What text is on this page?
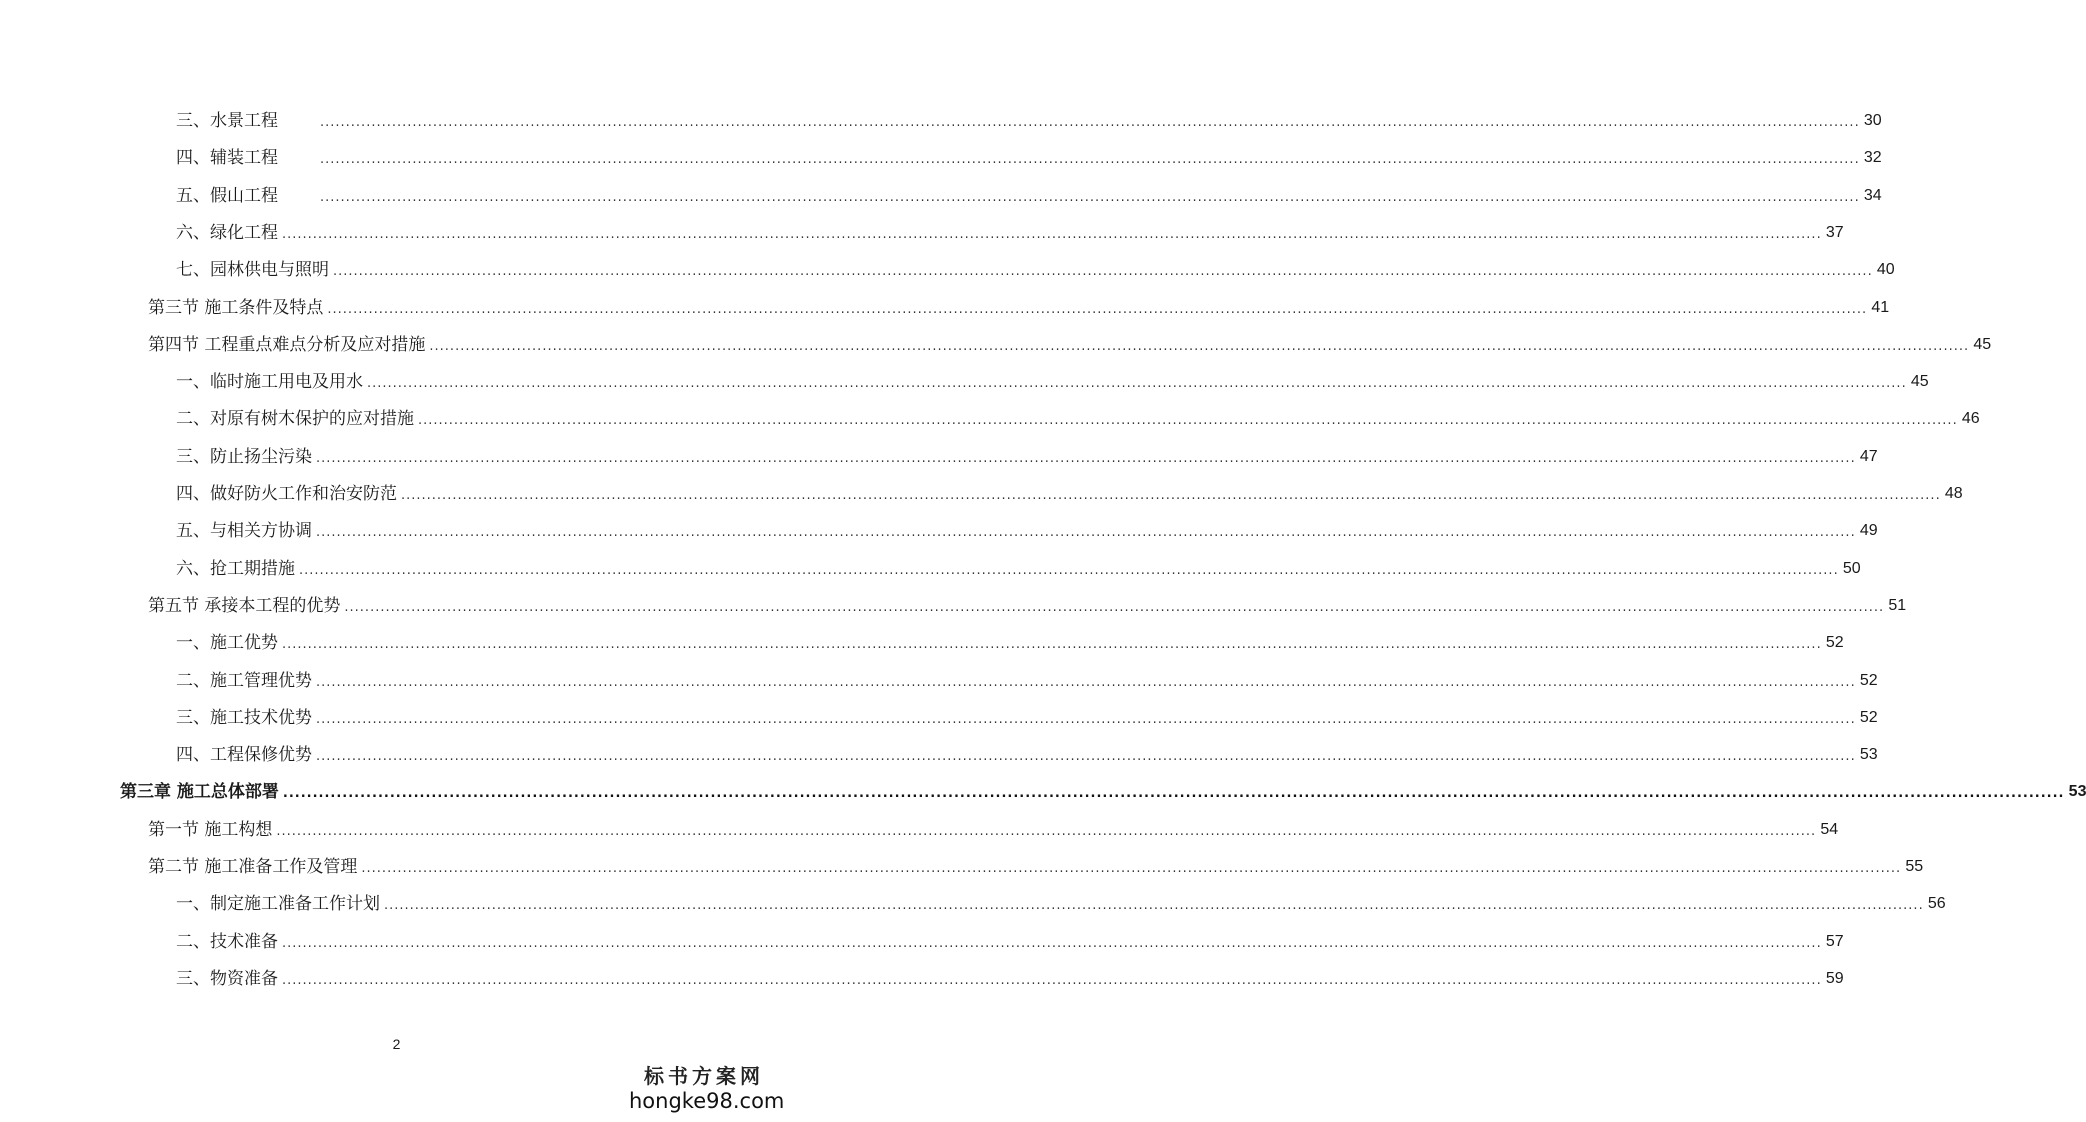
三、水景工程	............................................................................................................................................................................................................................................................................................................ 30
四、辅装工程	............................................................................................................................................................................................................................................................................................................ 32
五、假山工程	............................................................................................................................................................................................................................................................................................................ 34
六、绿化工程 ............................................................................................................................................................................................................................................................................................................ 37
七、园林供电与照明 ............................................................................................................................................................................................................................................................................................................ 40
第三节 施工条件及特点 ............................................................................................................................................................................................................................................................................................................ 41
第四节 工程重点难点分析及应对措施 ............................................................................................................................................................................................................................................................................................................ 45
一、临时施工用电及用水 ............................................................................................................................................................................................................................................................................................................ 45
二、对原有树木保护的应对措施 ............................................................................................................................................................................................................................................................................................................ 46
三、防止扬尘污染 ............................................................................................................................................................................................................................................................................................................ 47
四、做好防火工作和治安防范 ............................................................................................................................................................................................................................................................................................................ 48
五、与相关方协调 ............................................................................................................................................................................................................................................................................................................ 49
六、抢工期措施 ............................................................................................................................................................................................................................................................................................................ 50
第五节 承接本工程的优势 ............................................................................................................................................................................................................................................................................................................ 51
一、施工优势 ............................................................................................................................................................................................................................................................................................................ 52
二、施工管理优势 ............................................................................................................................................................................................................................................................................................................ 52
三、施工技术优势 ............................................................................................................................................................................................................................................................................................................ 52
四、工程保修优势 ............................................................................................................................................................................................................................................................................................................ 53
第三章 施工总体部署 ............................................................................................................................................................................................................................................................................................................ 53
第一节 施工构想 ............................................................................................................................................................................................................................................................................................................ 54
第二节 施工准备工作及管理 ............................................................................................................................................................................................................................................................................................................ 55
一、制定施工准备工作计划 ............................................................................................................................................................................................................................................................................................................ 56
二、技术准备 ............................................................................................................................................................................................................................................................................................................ 57
三、物资准备 ............................................................................................................................................................................................................................................................................................................ 59
2
标书方案网
hongke98.com
